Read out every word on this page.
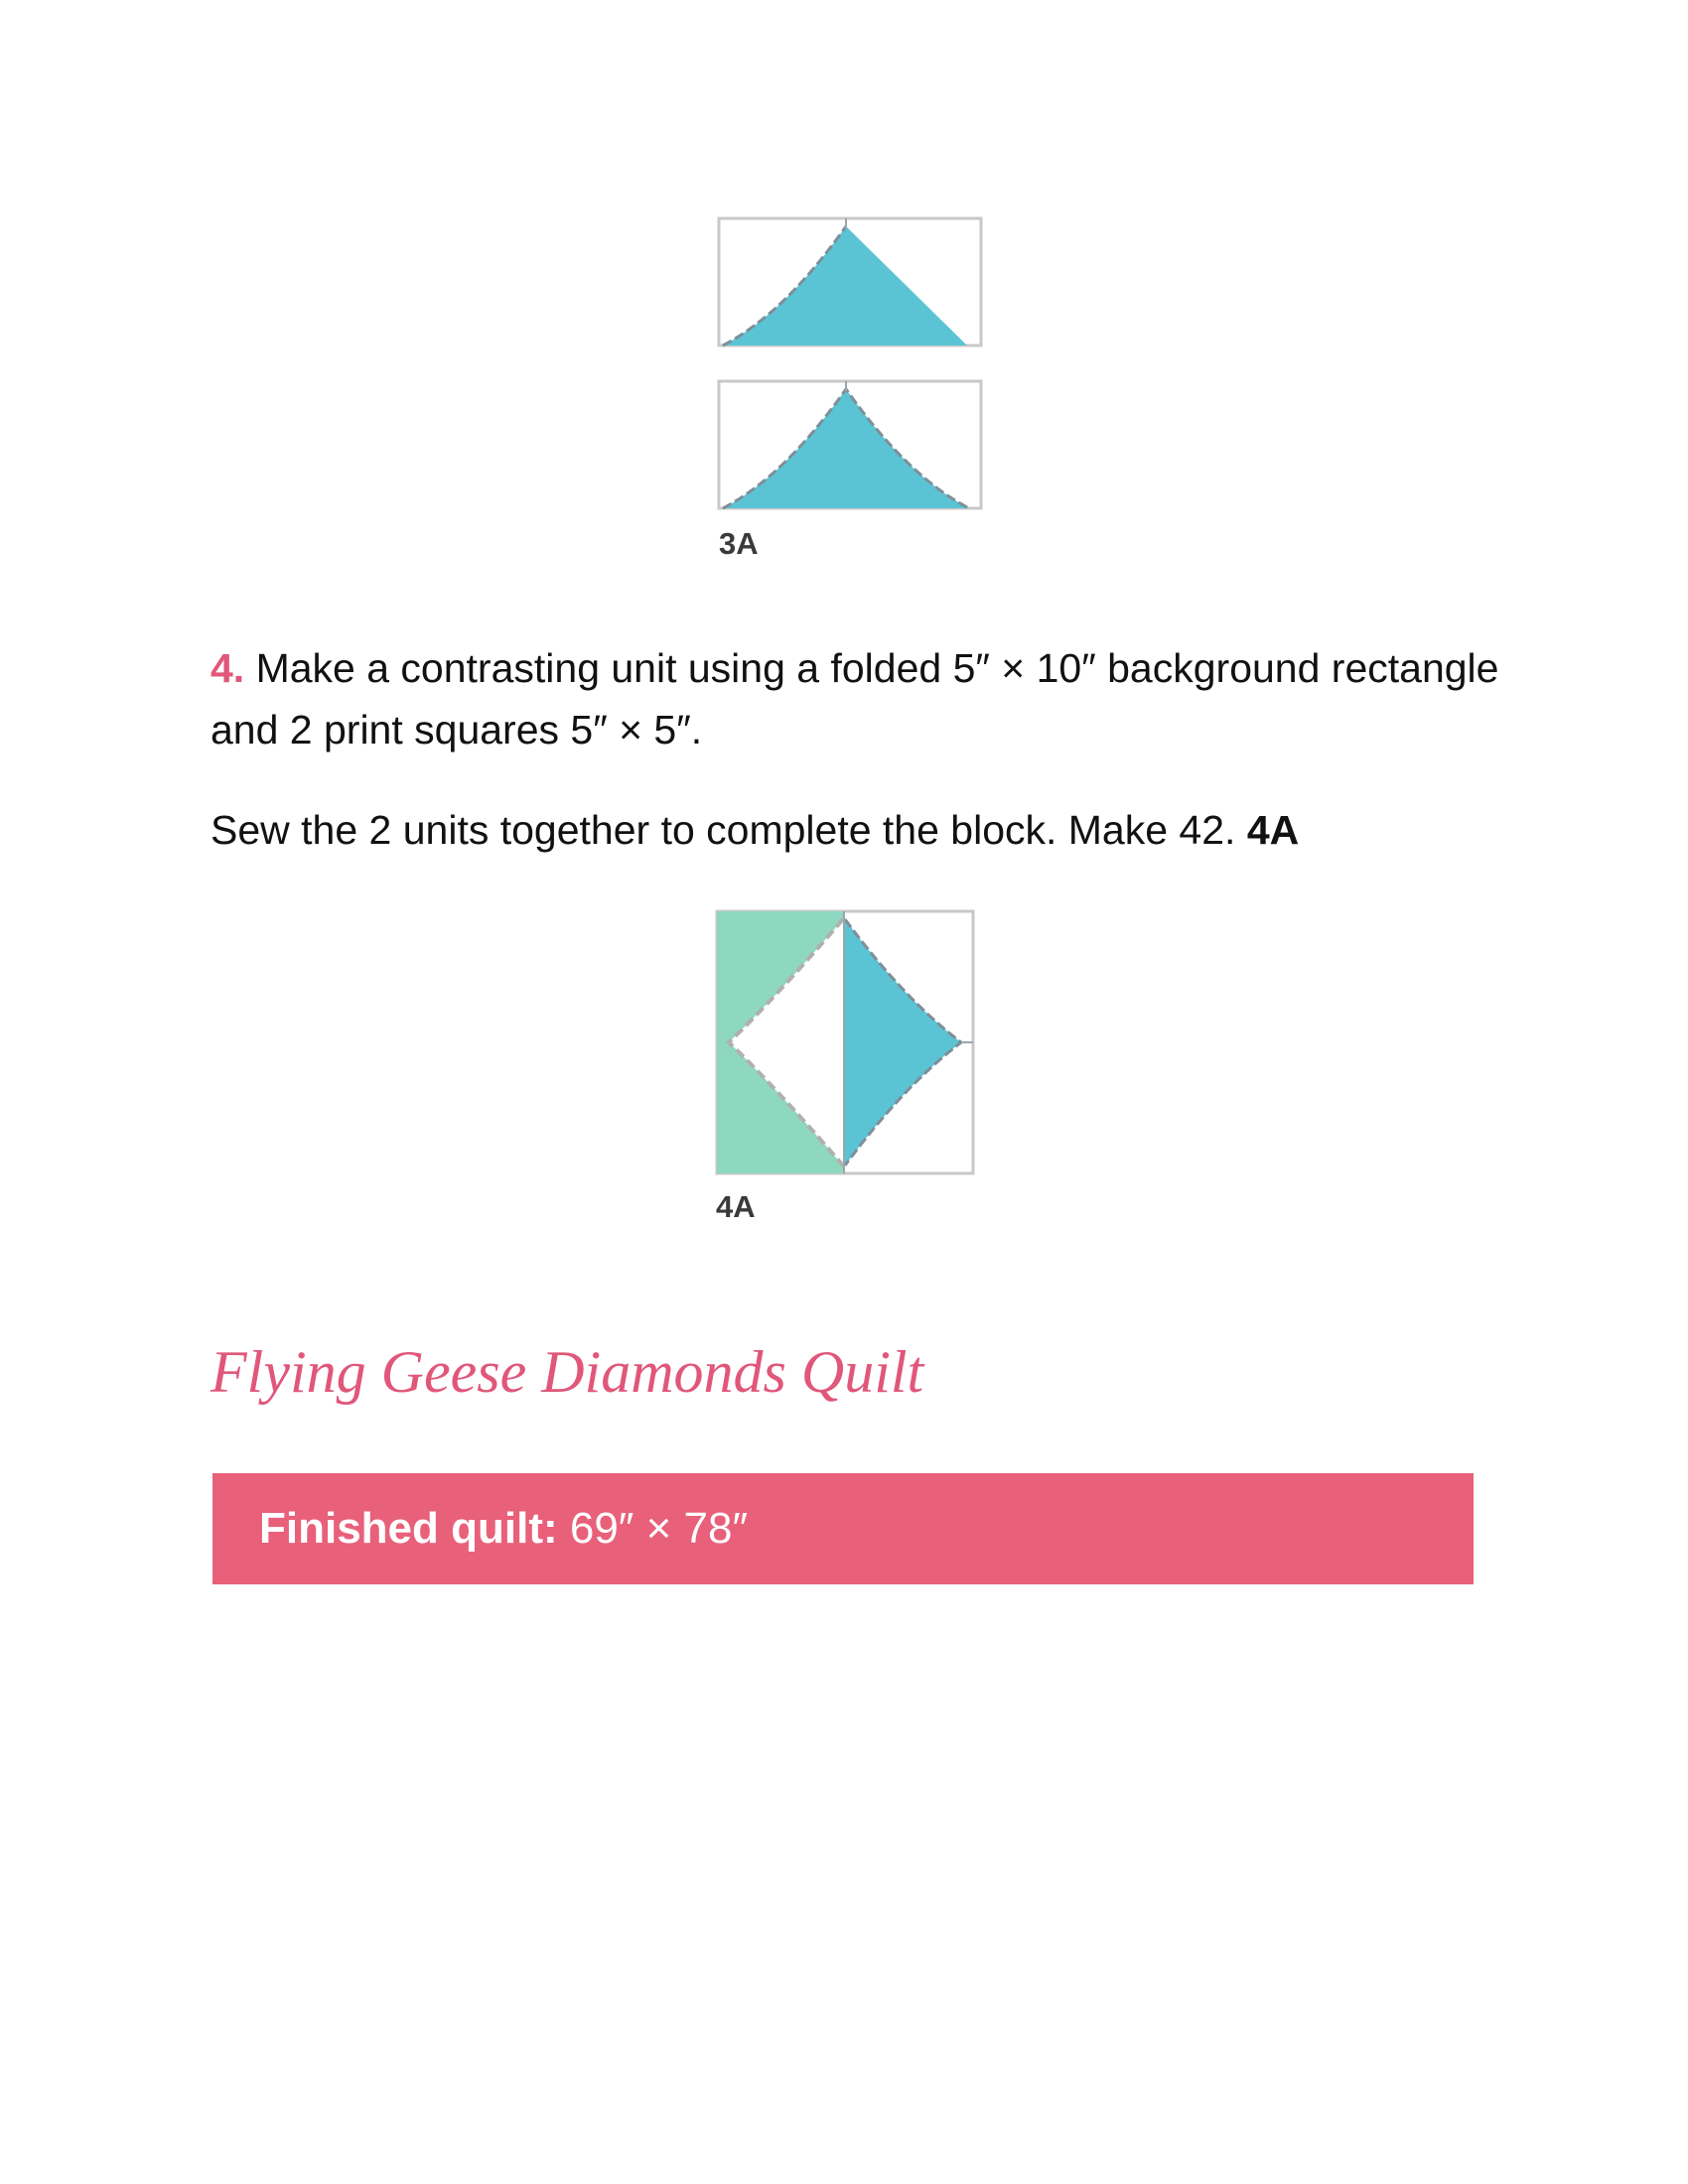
3A

4. Make a contrasting unit using a folded 5″ × 10″ background rectangle and 2 print squares 5″ × 5″.

Sew the 2 units together to complete the block. Make 42. 4A

4A
Flying Geese Diamonds Quilt
Finished quilt: 69″ × 78″
